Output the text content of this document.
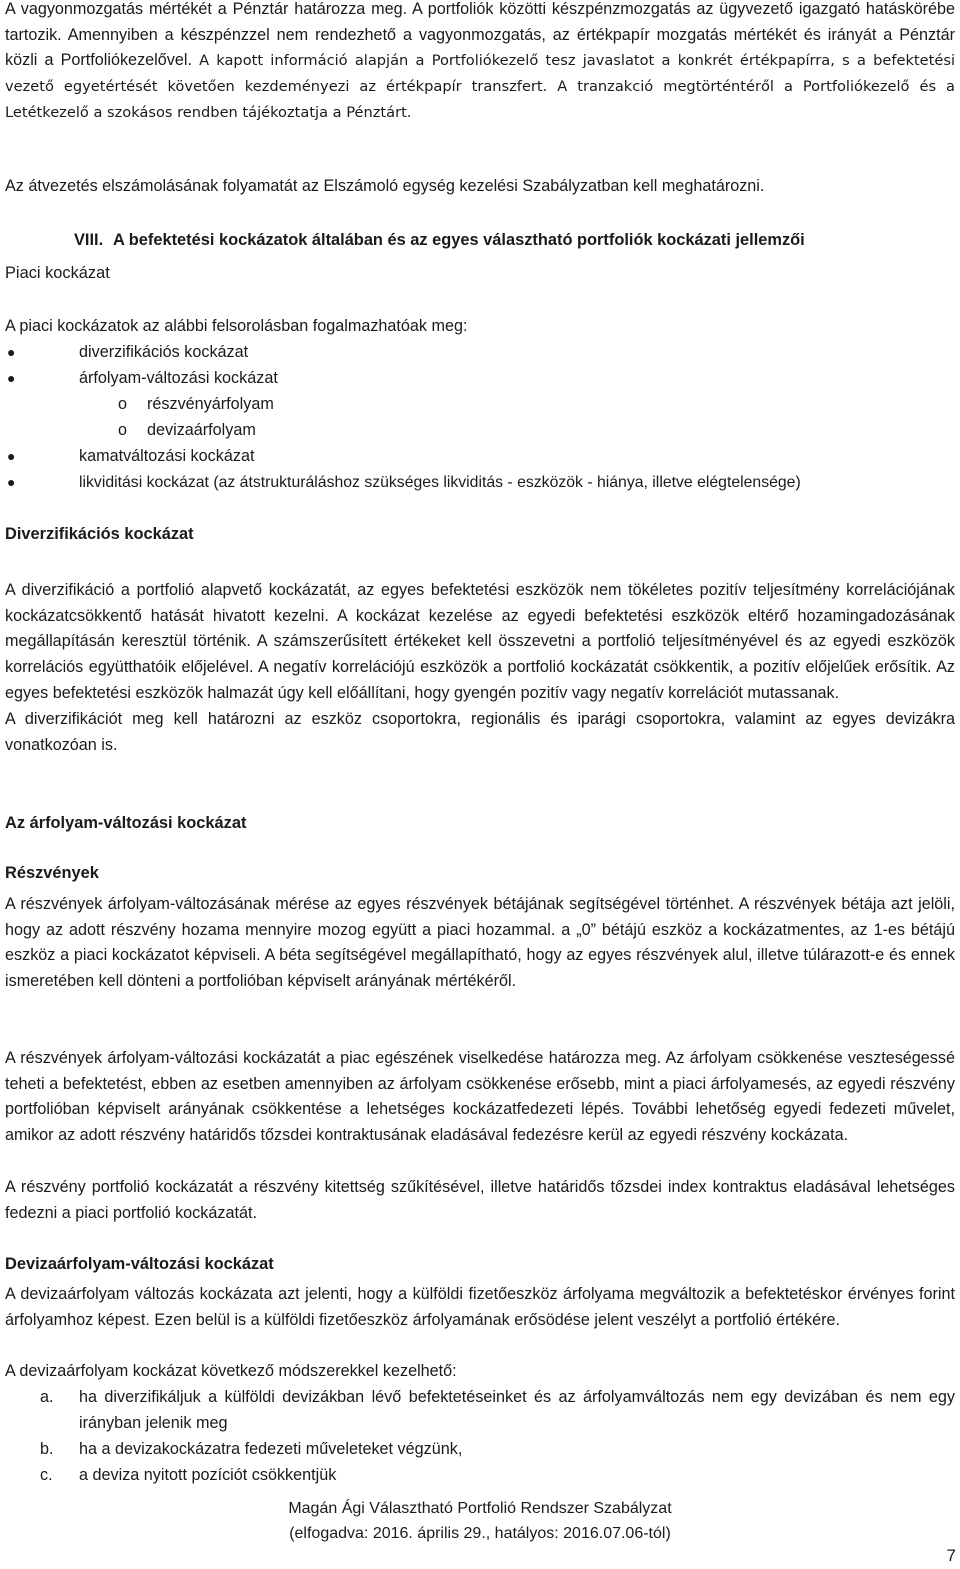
A vagyonmozgatás mértékét a Pénztár határozza meg. A portfoliók közötti készpénzmozgatás az ügyvezető igazgató hatáskörébe tartozik. Amennyiben a készpénzzel nem rendezhető a vagyonmozgatás, az értékpapír mozgatás mértékét és irányát a Pénztár közli a Portfoliókezelővel. A kapott információ alapján a Portfoliókezelő tesz javaslatot a konkrét értékpapírra, s a befektetési vezető egyetértését követően kezdeményezi az értékpapír transzfert. A tranzakció megtörténtéről a Portfoliókezelő és a Letétkezelő a szokásos rendben tájékoztatja a Pénztárt.

Az átvezetés elszámolásának folyamatát az Elszámoló egység kezelési Szabályzatban kell meghatározni.

VIII. A befektetési kockázatok általában és az egyes választható portfoliók kockázati jellemzői
Piaci kockázat
A piaci kockázatok az alábbi felsorolásban fogalmazhatóak meg:
●	diverzifikációs kockázat
●	árfolyam-változási kockázat
o részvényárfolyam
o devizaárfolyam
●	kamatváltozási kockázat
●	likviditási kockázat (az átstrukturáláshoz szükséges likviditás - eszközök - hiánya, illetve elégtelensége)
Diverzifikációs kockázat

A diverzifikáció a portfolió alapvető kockázatát, az egyes befektetési eszközök nem tökéletes pozitív teljesítmény korrelációjának kockázatcsökkentő hatását hivatott kezelni. A kockázat kezelése az egyedi befektetési eszközök eltérő hozamingadozásának megállapításán keresztül történik. A számszerűsített értékeket kell összevetni a portfolió teljesítményével és az egyedi eszközök korrelációs együtthatóik előjelével. A negatív korrelációjú eszközök a portfolió kockázatát csökkentik, a pozitív előjelűek erősítik. Az egyes befektetési eszközök halmazát úgy kell előállítani, hogy gyengén pozitív vagy negatív korrelációt mutassanak.

A diverzifikációt meg kell határozni az eszköz csoportokra, regionális és iparági csoportokra, valamint az egyes devizákra vonatkozóan is.

Az árfolyam-változási kockázat
Részvények

A részvények árfolyam-változásának mérése az egyes részvények bétájának segítségével történhet. A részvények bétája azt jelöli, hogy az adott részvény hozama mennyire mozog együtt a piaci hozammal. a „0” bétájú eszköz a kockázatmentes, az 1-es bétájú eszköz a piaci kockázatot képviseli. A béta segítségével megállapítható, hogy az egyes részvények alul, illetve túlárazott-e és ennek ismeretében kell dönteni a portfolióban képviselt arányának mértékéről.

A részvények árfolyam-változási kockázatát a piac egészének viselkedése határozza meg. Az árfolyam csökkenése veszteségessé teheti a befektetést, ebben az esetben amennyiben az árfolyam csökkenése erősebb, mint a piaci árfolyamesés, az egyedi részvény portfolióban képviselt arányának csökkentése a lehetséges kockázatfedezeti lépés. További lehetőség egyedi fedezeti művelet, amikor az adott részvény határidős tőzsdei kontraktusának eladásával fedezésre kerül az egyedi részvény kockázata.

A részvény portfolió kockázatát a részvény kitettség szűkítésével, illetve határidős tőzsdei index kontraktus eladásával lehetséges fedezni a piaci portfolió kockázatát.

Devizaárfolyam-változási kockázat

A devizaárfolyam változás kockázata azt jelenti, hogy a külföldi fizetőeszköz árfolyama megváltozik a befektetéskor érvényes forint árfolyamhoz képest. Ezen belül is a külföldi fizetőeszköz árfolyamának erősödése jelent veszélyt a portfolió értékére.

A devizaárfolyam kockázat következő módszerekkel kezelhető:

a. ha diverzifikáljuk a külföldi devizákban lévő befektetéseinket és az árfolyamváltozás nem egy devizában és nem egy irányban jelenik meg
b. ha a devizakockázatra fedezeti műveleteket végzünk,
c. a deviza nyitott pozíciót csökkentjük
Magán Ági Választható Portfolió Rendszer Szabályzat
(elfogadva: 2016. április 29., hatályos: 2016.07.06-tól)
7
